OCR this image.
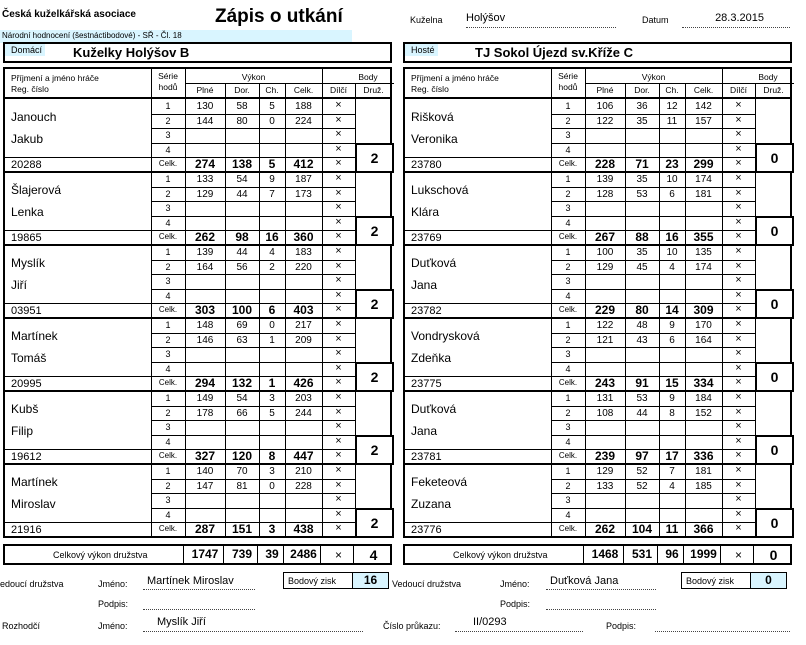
Česká kuželkářská asociace	Zápis o utkání
Národní hodnocení (šestnáctibodové) - SŘ - Čl. 18
Kuželna Holýšov	Datum	28.3.2015
Domácí Kuželky Holýšov B
Příjmení a jméno hráče
Reg. číslo
Série
hodů
Výkon
Plné	Dor.	Ch.	Celk.
Body
Dílčí	Druž.
Janouch
Jakub
20288
1	130	58	5	188	×
2	144	80	0	224	×
3	×
4	×
Celk.	274	138	5	412	×	2
Šlajerová
Lenka
19865
1	133	54	9	187	×
2	129	44	7	173	×
3	×
4	×
Celk.	262	98	16	360	×	2
Myslík
Jiří
03951
1	139	44	4	183	×
2	164	56	2	220	×
3	×
4	×
Celk.	303	100	6	403	×	2
Martínek
Tomáš
20995
1	148	69	0	217	×
2	146	63	1	209	×
3	×
4	×
Celk.	294	132	1	426	×	2
Kubš
Filip
19612
1	149	54	3	203	×
2	178	66	5	244	×
3	×
4	×
Celk.	327	120	8	447	×	2
Martínek
Miroslav
21916
1	140	70	3	210	×
2	147	81	0	228	×
3	×
4	×
Celk.	287	151	3	438	×	2
Celkový výkon družstva	1747	739	39 2486	×	4
Hosté	TJ Sokol Újezd sv.Kříže C
Příjmení a jméno hráče
Reg. číslo
Série
hodů
Výkon
Plné	Dor.	Ch.	Celk.
Body
Dílčí	Druž.
Rišková
Veronika
23780
1	106	36	12	142	×
2	122	35	11	157	×
3	×
4	×
Celk.	228	71	23	299	×	0
Lukschová
Klára
23769
1	139	35	10	174	×
2	128	53	6	181	×
3	×
4	×
Celk.	267	88	16	355	×	0
Duťková
Jana
23782
1	100	35	10	135	×
2	129	45	4	174	×
3	×
4	×
Celk.	229	80	14	309	×	0
Vondrysková
Zdeňka
23775
1	122	48	9	170	×
2	121	43	6	164	×
3	×
4	×
Celk.	243	91	15	334	×	0
Duťková
Jana
23781
1	131	53	9	184	×
2	108	44	8	152	×
3	×
4	×
Celk.	239	97	17	336	×	0
Feketeová
Zuzana
23776
1	129	52	7	181	×
2	133	52	4	185	×
3	×
4	×
Celk.	262	104	11	366	×	0
Celkový výkon družstva	1468	531	96 1999	×	0
edoucí družstva	Jméno:	Martínek Miroslav	Bodový zisk	16	Vedoucí družstva	Jméno:	Duťková Jana	Bodový zisk	0
Podpis:	Podpis:
Rozhodčí	Jméno:	Myslík Jiří	Číslo průkazu:	II/0293	Podpis:
